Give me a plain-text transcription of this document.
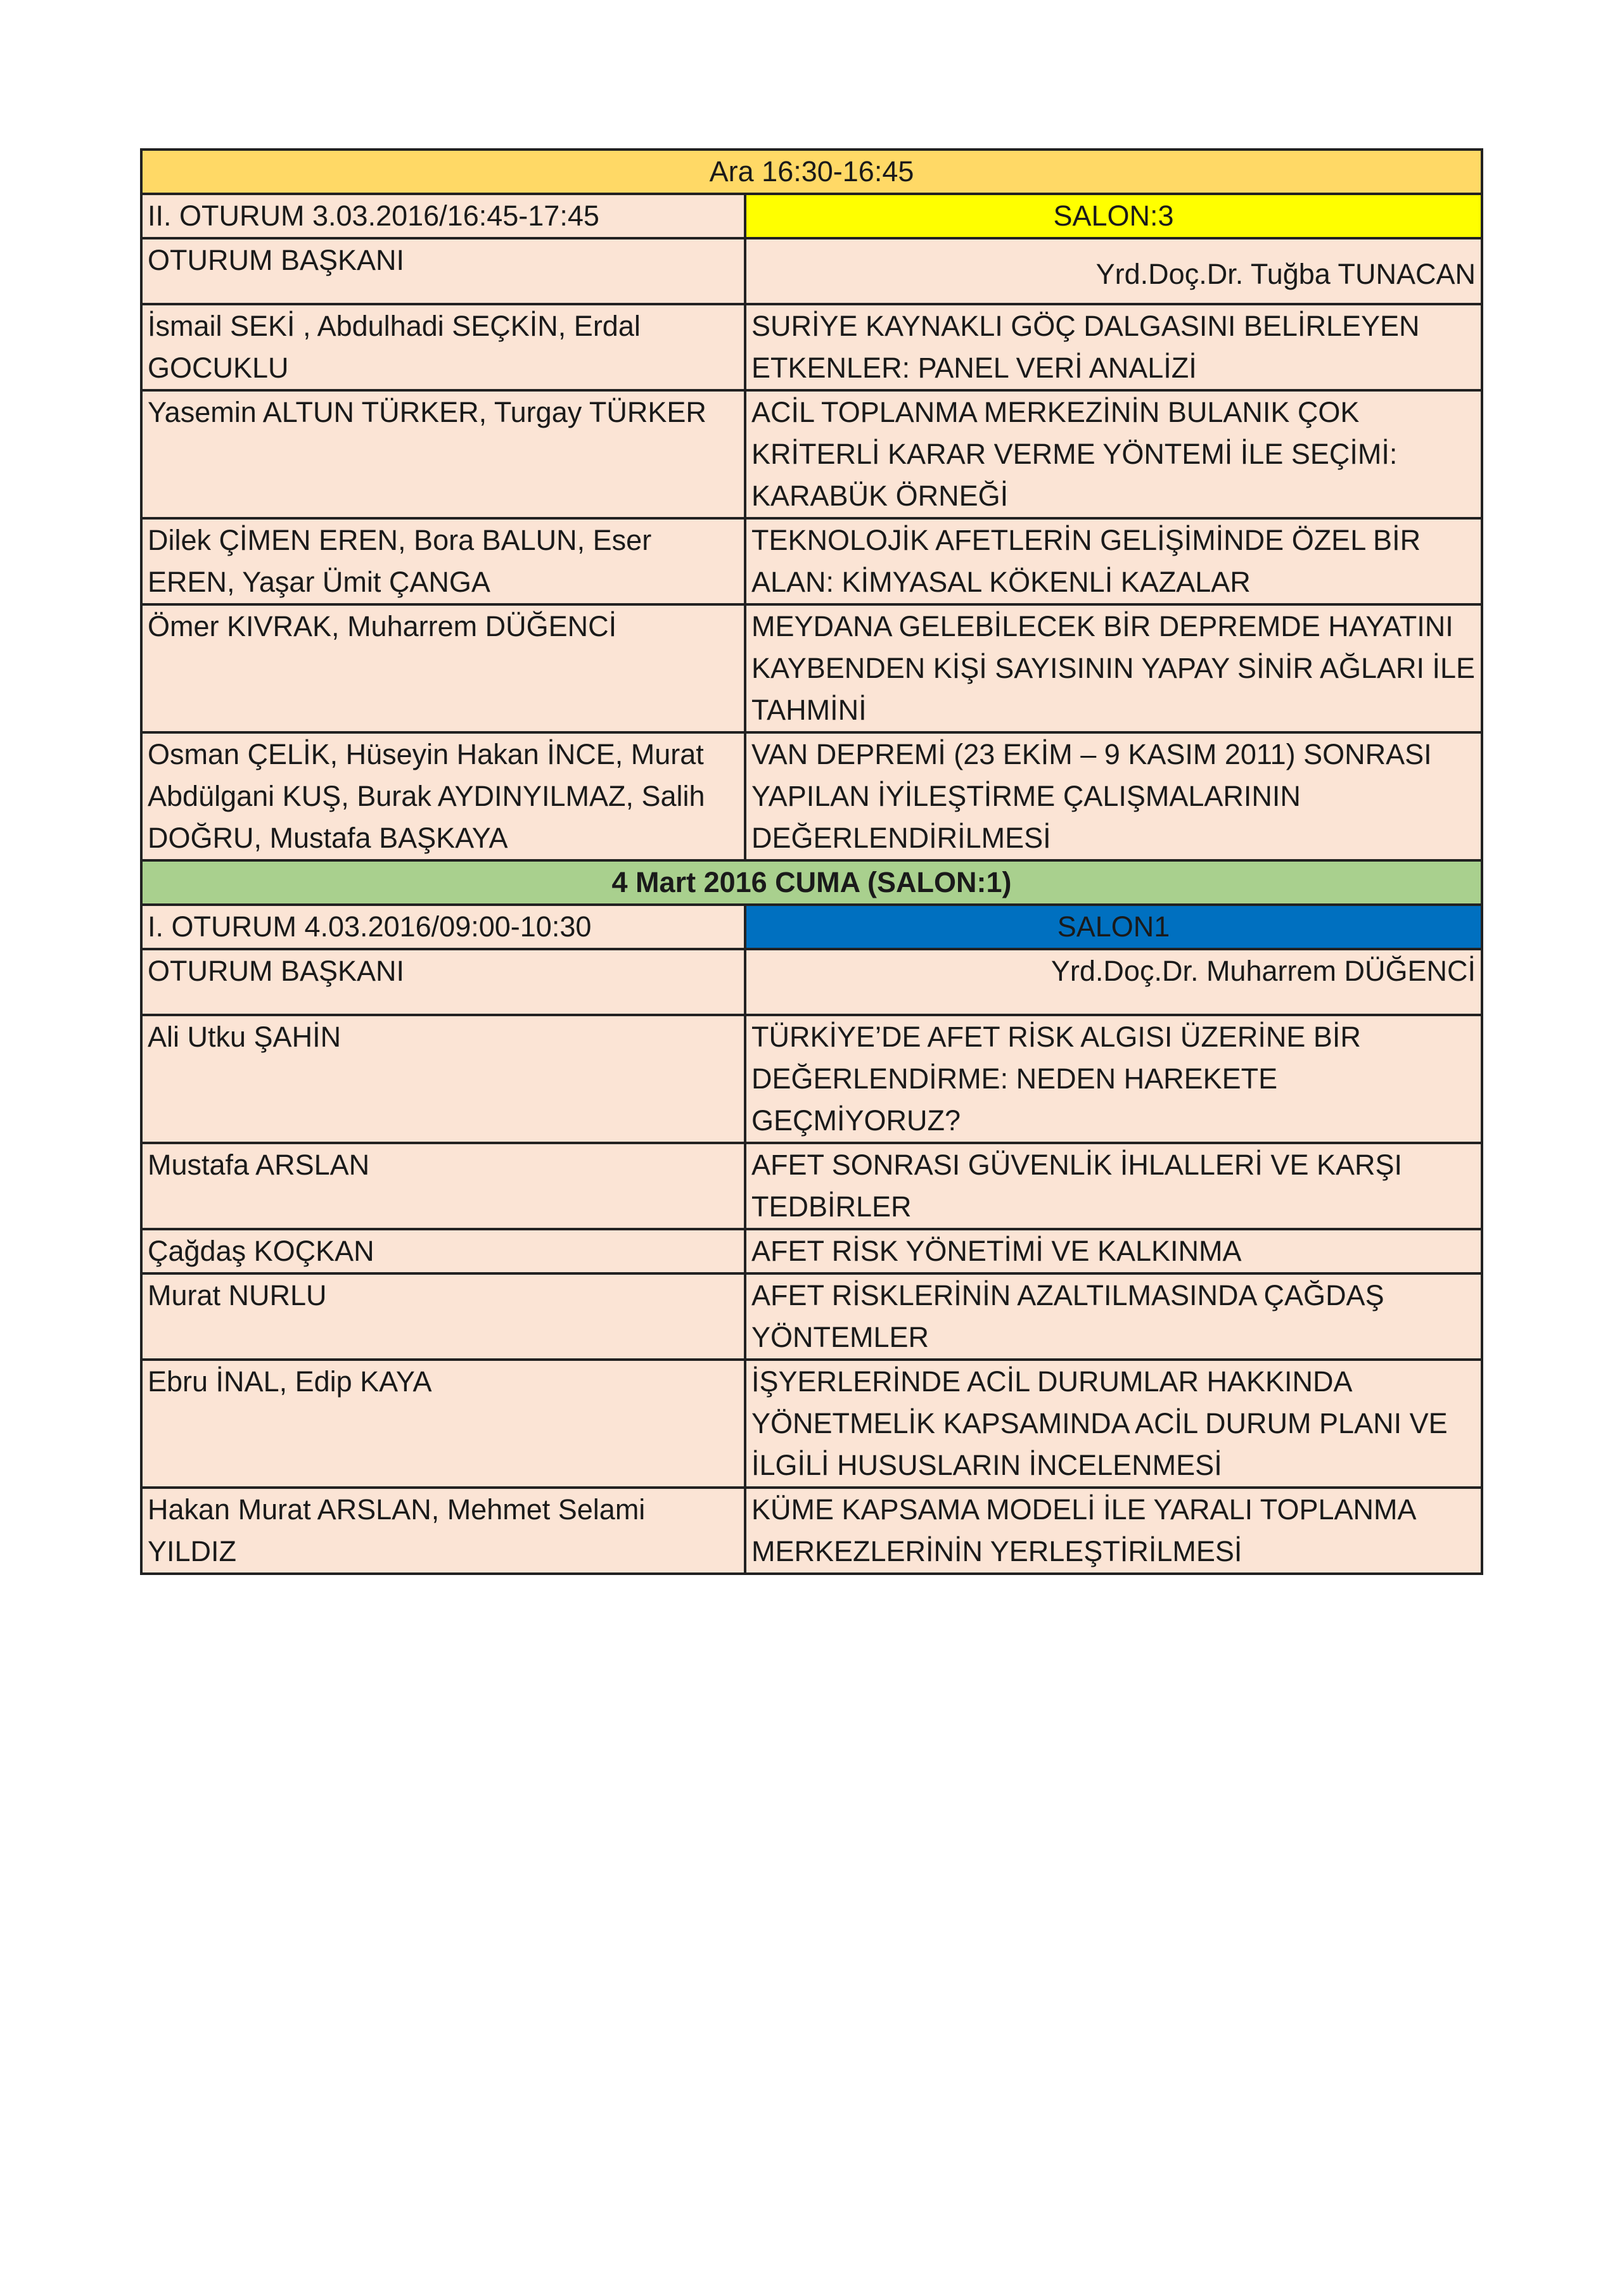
Ara 16:30-16:45	
II. OTURUM 3.03.2016/16:45-17:45	SALON:3
OTURUM BAŞKANI	Yrd.Doç.Dr. Tuğba TUNACAN

İsmail SEKİ , Abdulhadi SEÇKİN, Erdal GOCUKLU	SURİYE KAYNAKLI GÖÇ DALGASINI BELİRLEYEN ETKENLER: PANEL VERİ ANALİZİ
Yasemin ALTUN TÜRKER, Turgay TÜRKER	ACİL TOPLANMA MERKEZİNİN BULANIK ÇOK KRİTERLİ KARAR VERME YÖNTEMİ İLE SEÇİMİ: KARABÜK ÖRNEĞİ
Dilek ÇİMEN EREN, Bora BALUN, Eser EREN, Yaşar Ümit ÇANGA	TEKNOLOJİK AFETLERİN GELİŞİMİNDE ÖZEL BİR ALAN: KİMYASAL KÖKENLİ KAZALAR
Ömer KIVRAK, Muharrem DÜĞENCİ	MEYDANA GELEBİLECEK BİR DEPREMDE HAYATINI KAYBENDEN KİŞİ SAYISININ YAPAY SİNİR AĞLARI İLE TAHMİNİ
Osman ÇELİK, Hüseyin Hakan İNCE, Murat Abdülgani KUŞ, Burak AYDINYILMAZ, Salih DOĞRU, Mustafa BAŞKAYA	VAN DEPREMİ (23 EKİM – 9 KASIM 2011) SONRASI YAPILAN İYİLEŞTİRME ÇALIŞMALARININ DEĞERLENDİRİLMESİ
4 Mart 2016 CUMA (SALON:1)	
I. OTURUM 4.03.2016/09:00-10:30	SALON1
OTURUM BAŞKANI	Yrd.Doç.Dr. Muharrem DÜĞENCİ
Ali Utku ŞAHİN	TÜRKİYE’DE AFET RİSK ALGISI ÜZERİNE BİR DEĞERLENDİRME: NEDEN HAREKETE GEÇMİYORUZ?
Mustafa ARSLAN	AFET SONRASI GÜVENLİK İHLALLERİ VE KARŞI TEDBİRLER
Çağdaş KOÇKAN	AFET RİSK YÖNETİMİ VE KALKINMA
Murat NURLU	AFET RİSKLERİNİN AZALTILMASINDA ÇAĞDAŞ YÖNTEMLER
Ebru İNAL, Edip KAYA	İŞYERLERİNDE ACİL DURUMLAR HAKKINDA YÖNETMELİK KAPSAMINDA ACİL DURUM PLANI VE İLGİLİ HUSUSLARIN İNCELENMESİ
Hakan Murat ARSLAN, Mehmet Selami YILDIZ	KÜME KAPSAMA MODELİ İLE YARALI TOPLANMA MERKEZLERİNİN YERLEŞTİRİLMESİ
